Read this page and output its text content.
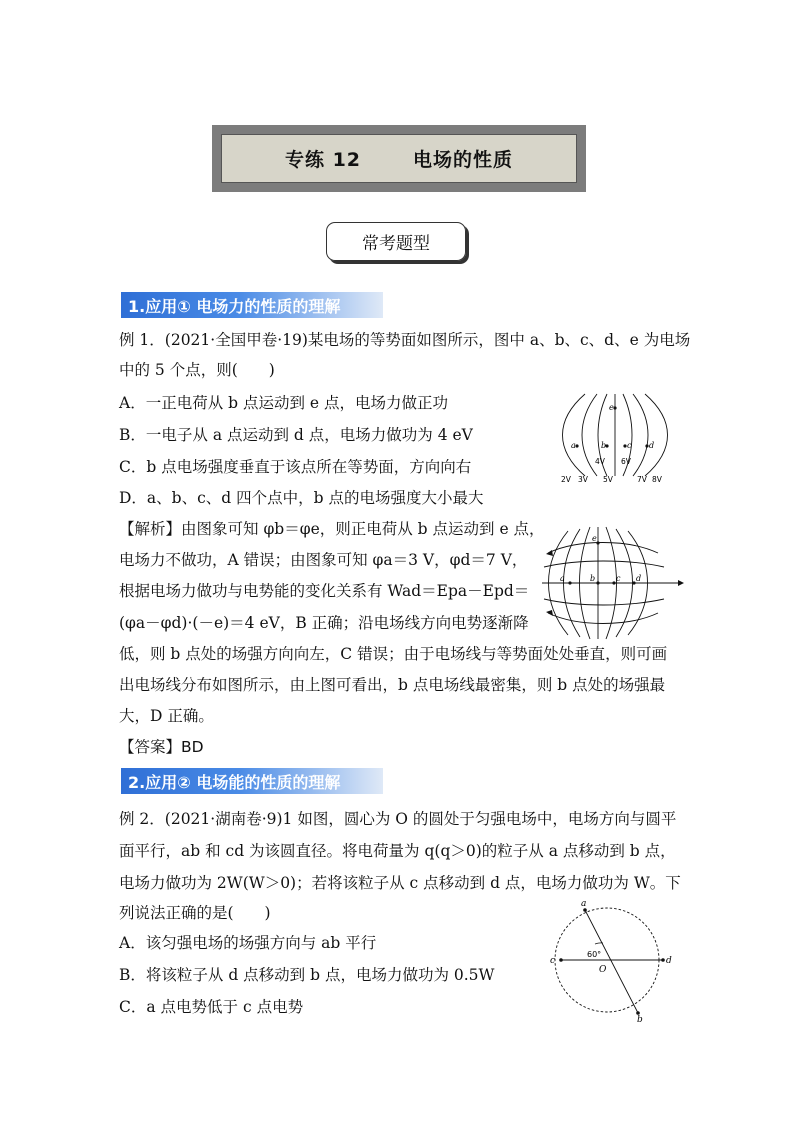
专练 12	电场的性质
常考题型
1.应用① 电场力的性质的理解
例 1．(2021·全国甲卷·19)某电场的等势面如图所示，图中 a、b、c、d、e 为电场
中的 5 个点，则(　　)
A．一正电荷从 b 点运动到 e 点，电场力做正功
B．一电子从 a 点运动到 d 点，电场力做功为 4 eV
C．b 点电场强度垂直于该点所在等势面，方向向右
D．a、b、c、d 四个点中，b 点的电场强度大小最大
a	b	c d
e
2V 3V
4V
5V
6V
7V 8V
【解析】由图象可知 φb＝φe，则正电荷从 b 点运动到 e 点，
电场力不做功，A 错误；由图象可知 φa＝3 V，φd＝7 V，
根据电场力做功与电势能的变化关系有 Wad＝Epa－Epd＝
(φa－φd)·(－e)＝4 eV，B 正确；沿电场线方向电势逐渐降
低，则 b 点处的场强方向向左，C 错误；由于电场线与等势面处处垂直，则可画
出电场线分布如图所示，由上图可看出，b 点电场线最密集，则 b 点处的场强最
大，D 正确。
a	b	c d
e
【答案】BD
2.应用② 电场能的性质的理解
例 2．(2021·湖南卷·9)1 如图，圆心为 O 的圆处于匀强电场中，电场方向与圆平
面平行，ab 和 cd 为该圆直径。将电荷量为 q(q＞0)的粒子从 a 点移动到 b 点，
电场力做功为 2W(W＞0)；若将该粒子从 c 点移动到 d 点，电场力做功为 W。下
列说法正确的是(　　)
A．该匀强电场的场强方向与 ab 平行
B．将该粒子从 d 点移动到 b 点，电场力做功为 0.5W
C．a 点电势低于 c 点电势
a
b
c	d
O
60°
